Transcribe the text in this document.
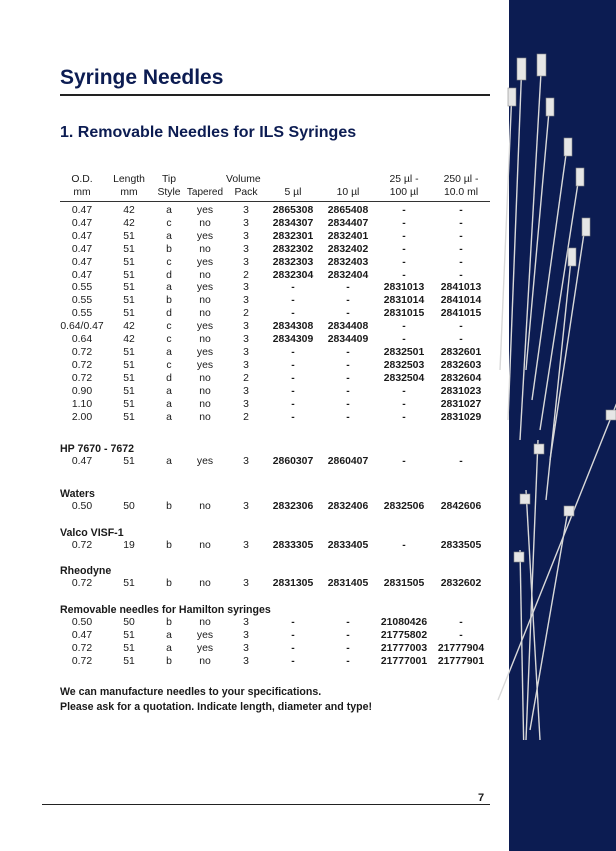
Syringe Needles
1. Removable Needles for ILS Syringes
O.D.	Length	Tip		Volume			25 µl -	250 µl -
mm	mm	Style	Tapered	Pack	5 µl	10 µl	100 µl	10.0 ml
0.47	42	a	yes	3	2865308	2865408	-	-
0.47	42	c	no	3	2834307	2834407	-	-
0.47	51	a	yes	3	2832301	2832401	-	-
0.47	51	b	no	3	2832302	2832402	-	-
0.47	51	c	yes	3	2832303	2832403	-	-
0.47	51	d	no	2	2832304	2832404	-	-
0.55	51	a	yes	3	-	-	2831013	2841013
0.55	51	b	no	3	-	-	2831014	2841014
0.55	51	d	no	2	-	-	2831015	2841015
0.64/0.47	42	c	yes	3	2834308	2834408	-	-
0.64	42	c	no	3	2834309	2834409	-	-
0.72	51	a	yes	3	-	-	2832501	2832601
0.72	51	c	yes	3	-	-	2832503	2832603
0.72	51	d	no	2	-	-	2832504	2832604
0.90	51	a	no	3	-	-	-	2831023
1.10	51	a	no	3	-	-	-	2831027
2.00	51	a	no	2	-	-	-	2831029

HP 7670 - 7672

0.47	51	a	yes	3	2860307	2860407	-	-

Waters

0.50	50	b	no	3	2832306	2832406	2832506	2842606

Valco VISF-1

0.72	19	b	no	3	2833305	2833405	-	2833505

Rheodyne

0.72	51	b	no	3	2831305	2831405	2831505	2832602

Removable needles for Hamilton syringes

0.50	50	b	no	3	-	-	21080426	-
0.47	51	a	yes	3	-	-	21775802	-
0.72	51	a	yes	3	-	-	21777003	21777904
0.72	51	b	no	3	-	-	21777001	21777901

We can manufacture needles to your specifications.
Please ask for a quotation. Indicate length, diameter and type!

7
